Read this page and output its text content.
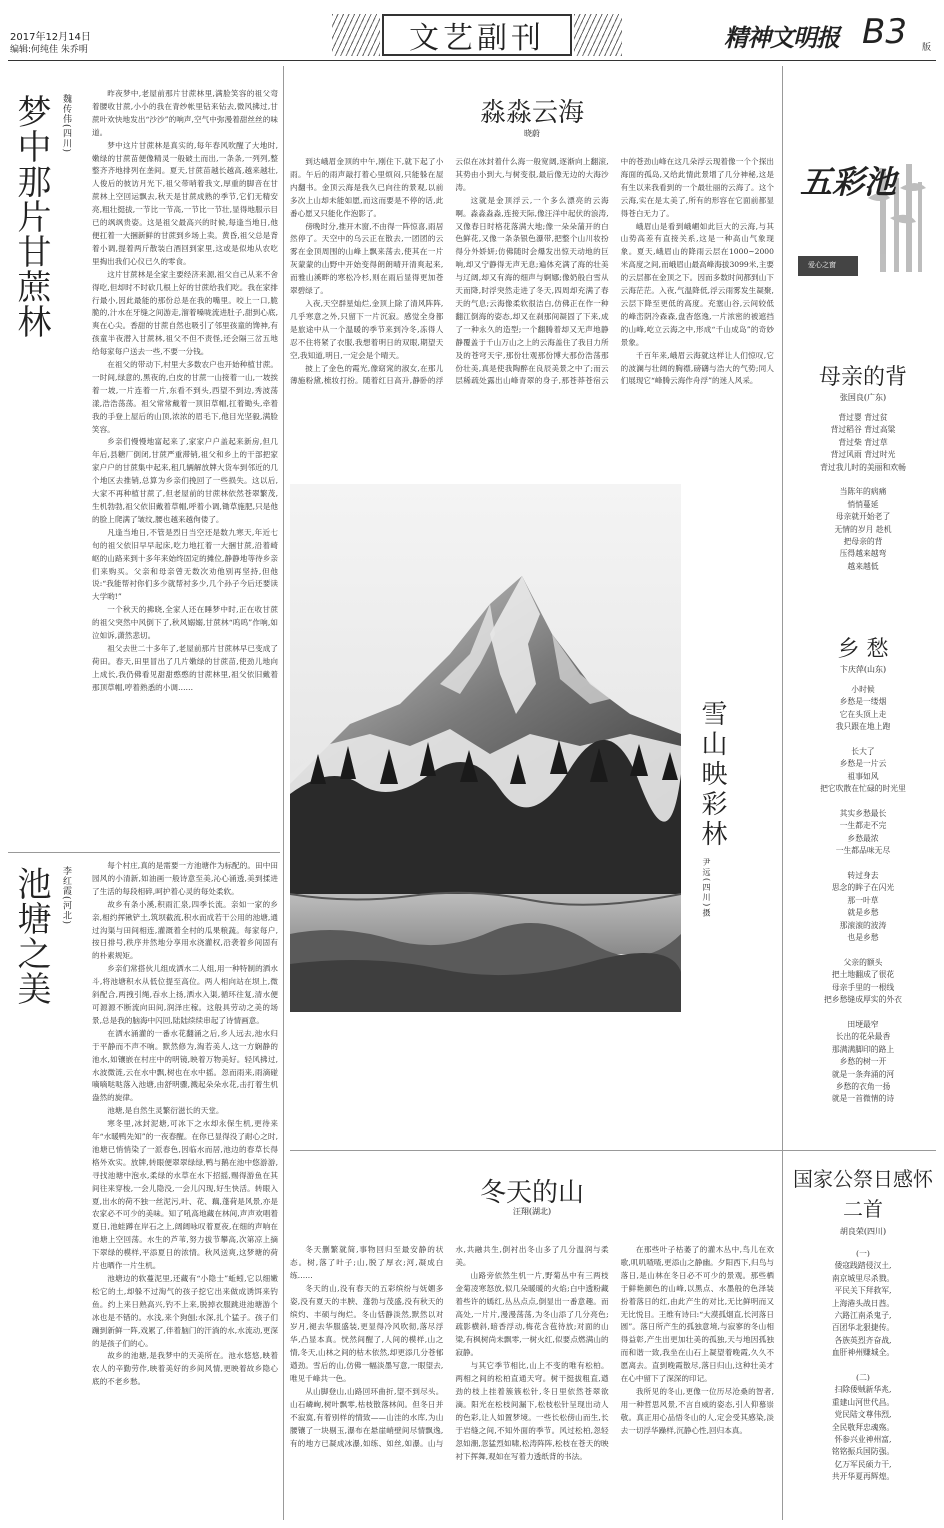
2017年12月14日
编辑:何纯佳 朱乔明	文艺副刊	精神文明报 B3 版
梦中那片甘蔗林 魏传伟(四川)

昨夜梦中,老屋前那片甘蔗林里,满脸笑容的祖父弯着腰收甘蔗,小小的我在青纱帐里钻来钻去,微风拂过,甘蔗叶欢快地发出“沙沙”的响声,空气中弥漫着甜丝丝的味道。

梦中这片甘蔗林是真实的,每年春风吹醒了大地时,嫩绿的甘蔗苗便像精灵一般破土而出,一条条,一列列,整整齐齐地排列在垄间。夏天,甘蔗苗越长越高,越来越壮,人俊后的彼访月光下,祖父带哨着我文,厚重的脚音在甘蔗林上空回运飘去,秋天是甘蔗成熟的季节,它们无精安亮,粗壮挺拔,一节比一节高,一节比一节壮,显得地服示目已的飒飒贵姿。这是祖父最高兴的时候,每逢当地日,他便扛着一大捆新鲜的甘蔗到乡场上卖。黄昏,祖父总是背着小调,提着两斤散装白酒回到家里,这或是似地从农吃里掏出我们心仪已久的零食。

这片甘蔗林是全家主要经济来源,祖父自己从来不舍得吃,但却时不时砍几根上好的甘蔗给我们吃。我在家排行最小,因此最能的那份总是在我的嘴里。咬上一口,脆脆的,汁水在牙缝之间游走,溜着嗓咙流进肚子,甜到心底,爽在心尖。香甜的甘蔗自然也吸引了邻里孩童的馋神,有孩童半夜潜入甘蔗林,祖父不但不责怪,还会隔三岔五地给每家每户送去一些,不要一分钱。

在祖父的带动下,村里大多数农户也开始种植甘蔗。一时间,绿意的,黑夜的,白皮的甘蔗一山接着一山,一坡挨着一坡,一片连着一片,东看不到头,西望不到边,秀波荡漾,浩浩荡荡。祖父常常戴着一顶旧草帽,扛着锄头,牵着我的手登上屋后的山顶,浓浓的眉毛下,他目光坚毅,满脸笑容。

乡亲们慢慢地富起来了,家家户户盖起来新房,但几年后,县糖厂倒闭,甘蔗严重滞销,祖父和乡上的干部把家家户户的甘蔗集中起来,租几辆解放牌大货车到邻近的几个地区去推销,总算为乡亲们挽回了一些损失。这以后,大家不再种植甘蔗了,但老屋前的甘蔗林依然苍翠繁茂,生机勃勃,祖父依旧戴着草帽,呼着小调,锄草施肥,只是他的脸上爬满了皱纹,腰也越来越佝偻了。

凡逢当地日,不管是烈日当空还是数九寒天,年近七旬的祖父依旧早早起床,吃力地扛着一大捆甘蔗,沿着崎岖的山路来到十多年来始终固定的摊位,静静地等待乡亲们来购买。父亲和母亲曾无数次劝他别再坚持,但他说:“我能帮衬你们多少就帮衬多少,几个孙子今后还要读大学哟!”

一个秋天的拂晓,全家人还在睡梦中时,正在收甘蔗的祖父突然中风倒下了,秋风嫋嫋,甘蔗林“呜呜”作响,如泣如诉,潇然悲切。

祖父去世二十多年了,老屋前那片甘蔗林早已变成了荷田。春天,田里冒出了几片嫩绿的甘蔗苗,使劲儿地向上成长,我仍佛看见甜甜憨憨的甘蔗林里,祖父依旧戴着那顶草帽,哼着熟悉的小调……

池塘之美 李红霞(河北)

每个村庄,真的是需要一方池塘作为标配的。田中田园风的小清新,如油画一般诗意至美,沁心涌透,美到揉进了生活的每段相碎,呵护着心灵的每处柔软。

故乡有条小溪,积雨汇泉,四季长流。亲如一家的乡亲,相约挥锹铲土,筑坝截流,积水而成若干公用的池塘,通过沟渠与田间相连,灌溉着全村的瓜果粮蔬。每家每户,按日排号,秩序井然地分享用水浇灌权,沿袭着乡间固有的朴素规矩。

乡亲们常搭伙儿组成洒水二人组,用一种特制的洒水斗,将池塘积水从低位提至高位。两人相向站在坝上,微斜配合,两拽引绳,吞水上扬,洒水入渠,循环往复,清水便可源源不断流向田间,润泽庄稼。这般具劳动之美的场景,总是我的脑海中闪回,陆陆续续串起了诗情画意。

在洒水涌灌的一番水花翻涌之后,乡人远去,池水归于平静而不声不响。默然修为,淘若美人,这一方娴静的池水,如镶嵌在村庄中的明镜,映着万物美好。轻风拂过,水波微涟,云在水中飘,树也在水中摇。忽而雨来,雨滴碰嘀嘀哒哒落入池塘,由舒明骤,溅起朵朵水花,击打着生机盎然的旋律。

池塘,是自然生灵繁衍滋长的天堂。

寒冬里,冰封泥塘,可冰下之水却永保生机,更待来年“水暖鸭先知”的一夜春醒。在你已显得没了耐心之时,池塘已悄悄染了一派春色,因临水而居,池边的春草长得格外欢实。放牌,转眼便翠翠绿绿,鸭与鹅在池中悠游游,寻找池塘中泡水,柔绿的水草在水下招摇,赐得游鱼在其间往来穿梭,一会儿隐没,一会儿闪现,好生快活。转眼入夏,出水的荷不独一丝泥污,叶、花、藕,蓬荷是风景,亦是农家必不可少的美味。知了吼高地藏在林间,声声欢唱着夏日,池蛙蹲在岸石之上,阔阔咏叹着夏夜,在细的声响在池塘上空回荡。水生的芦苇,努力拔节攀高,次第凉上摘下翠绿的模样,平添夏日的浓情。秋风送爽,这梦塘的荷片也晒作一片生机。

池塘边的软蔓泥里,还藏有“小隐士”蚯蚓,它以细嫩松它的土,却躲不过淘气的孩子挖它出来做成诱饵来钓鱼。约上来日熟高兴,钓不上来,脱掉衣服跳进池塘游个冰也是不错的。水浅,来个狗刨;水深,扎个猛子。孩子们蹦到新鲜一阵,戏累了,伴着脑门的汗淌的水,水流动,更深的是孩子们的心。

故乡的池塘,是我梦中的天美所在。池水悠悠,映着农人的辛勤劳作,映着美好的乡间风情,更映着故乡隐心底的不老乡愁。

淼淼云海
晓蔚

到达峨眉金顶的中午,刚住下,就下起了小雨。午后的雨声敲打着心里烦闷,只能躲在屋内翻书。金顶云海是我久已向往的景观,以前多次上山却未能如愿,而这而要是不停的话,此番心愿又只能化作泡影了。

傍晚时分,推开木窗,不由得一阵惊喜,雨居然停了。天空中的乌云正在散去,一团团的云雾在金顶周围的山峰上飘来荡去,使其在一片灰蒙蒙的山野中开始变得朗朗晴开清爽起来,而雅山溪畔的寒松冷杉,则在雨后显得更加苍翠碧绿了。

入夜,天空群星灿烂,金顶上除了清风阵阵,几乎寒意之外,只留下一片沉寂。感觉全身都是旅途中从一个温暖的季节来到冷冬,冻得人忍不住将紧了衣服,我想着明日的双眼,期望天空,我知道,明日,一定会是个晴天。

披上了金色的霞光,像窈窕的淑女,在那儿薄施粉黛,梳妆打扮。随着红日高升,静卧的浮云似在冰封着什么海一般宽阔,逐渐向上翻滚,其势由小到大,与树变很,最后像无边的大海沙涛。

这就是金顶浮云,一个多么漂亮的云海啊。淼淼淼淼,连接天际,像汪洋中起伏的浪涛,又像春日时格花落满大地;像一朵朵蒲开的白色鲜花,又像一条条银色瀑带,把整个山川妆扮得分外娇妍;仿佛随时会爆发出惊天动地的巨响,却又宁静得无声无息;遍体充满了海的壮美与辽阔,却又有海的细声与婀娜;像奶般白雪从天而降,时浮突然走进了冬天,四周却充满了春天的气息;云海像柔软很洁白,仿佛正在作一种翻江倒海的姿态,却又在刹那间凝固了下来,成了一种永久的造型;一个翻腾着却又无声地静静覆盖于千山万山之上的云海盖住了我目力所及的苍穹天宇,那份壮观那份博大那份浩荡那份壮美,真是使我陶醉在良辰美景之中了;而云层稀疏处露出山峰青翠的身子,那苍莽苍宿云中的苍劲山峰在这几朵浮云现着像一个个探出海面的孤岛,又给此情此景增了几分神秘,这是有生以来我看到的一个最壮丽的云海了。这个云海,实在是太美了,所有的形容在它面前都显得苍白无力了。

峨眉山是看到峨嵋如此巨大的云海,与其山势高差有直接关系,这是一种高山气象现象。夏天,峨眉山的降雨云层在1000~2000米高度之间,而峨眉山最高峰海拔3099米,主要的云层都在金顶之下。因而多数时间都到山下云海茫茫。入夜,气温降低,浮云雨雾发生凝聚,云层下降至更低的高度。充塞山谷,云间较低的峰峦阴冷森森,盘杳悠逸,一片浓密的被遮挡的山峰,屹立云海之中,形成“千山成岛”的奇妙景象。

千百年来,峨眉云海就这样让人们惊叹,它的波澜与壮阔的胸襟,磅礴与浩大的气势;同人们展现它“峰腾云海作舟浮”的迷人风采。

雪山映彩林
尹远(四川)摄
五彩池
爱心之窗
母亲的背
张国良(广东)
背过婴 背过贫
背过稻谷 背过高粱
背过柴 背过草
背过风雨 背过时光
背过我儿时的美丽和欢畅
当陈年的病痛
悄悄蔓延
母亲就开始老了
无情的岁月 趁机
把母亲的背
压得越来越弯
越来越低
乡 愁
卞庆萍(山东)
小时候
乡愁是一缕烟
它在头顶上走
我只跟在地上跑
长大了
乡愁是一片云
祖事如风
把它吹散在忙碌的时光里
其实乡愁最长
一生都走不完
乡愁最浓
一生都品味无尽
转过身去
思念的眸子在闪光
那一叶草
就是乡愁
那滚滚的波涛
也是乡愁
父亲的额头
把土地翻成了很花
母亲手里的一根线
把乡愁缝成厚实的外衣
田埂最窄
长出的花朵最香
那满满脚印的路上
乡愁的树一开
就是一条奔涌的河
乡愁的衣角一扬
就是一首微情的诗
冬天的山
汪翔(湖北)

冬天删繁就简,事物回归至最安静的状态。树,落了叶子;山,脱了厚衣;河,凝成白练……

冬天的山,没有春天的五彩缤纷与妩媚多姿,没有夏天的丰腴、蓬勃与茂盛,没有秋天的缤灼、丰硕与绚烂。冬山恬静淡然,默然以对岁月,褪去华服盛装,更显得冷风吹彻,落尽浮华,凸显本真。恍然间醒了,人间的模样,山之情,冬天,山林之间的枯木依然,却更添几分苍郁遒劲。雪后的山,仿佛一幅淡墨写意,一眼望去,唯见千峰共一色。

从山脚登山,山路回环曲折,望不到尽头。山石嶙峋,树叶飘零,枯枝散落林间。但冬日并不寂寞,有着别样的情致——山洼的水库,为山腰镶了一块剔玉,瀑布在悬崖峭壁间尽情飘逸,有的地方已凝成冰瀑,如练、如丝,如瀑。山与水,共融共生,倒衬出冬山多了几分温润与柔美。

山路旁依然生机一片,野菊丛中有三两枝金菊凌寒怒放,似几朵暖暖的火焰;白中透粉藏着些许的嫣红,丛丛点点,倒显出一番意趣。而高处,一片片,漫漫荡荡,为冬山添了几分亮色;疏影横斜,暗香浮动,梅花含苞待放;对面的山梁,有枫树尚未飘零,一树火红,似要点燃满山的寂静。

与其它季节相比,山上不变的唯有松柏。两相之间的松柏直通天穹。树干挺拔粗直,遒劲的枝上挂着簇簇松针,冬日里依然苍翠欲滴。阳光在松枝间漏下,松枝松针呈现出动人的色彩,让人如置梦境。一些长松傍山而生,长于岩缝之间,不知外面的季节。风过松柏,忽轻忽如潮,忽猛烈如啸,松涛阵阵,松枝在苍天的映衬下挥舞,观如在写着力透纸背的书法。

在那些叶子枯萎了的灌木丛中,鸟儿在欢歌,叽叽喳喳,更添山之静幽。夕阳西下,归鸟与落日,是山林在冬日必不可少的景观。那些栖于鲜艳颜色的山峰,以黑点、水墨般的色泽装扮着落日的红,由此产生的对比,无比鲜明而又无比悦目。王维有诗曰:“大漠孤烟直,长河落日圆”。落日所产生的孤独意境,与寂寥的冬山相得益彰,产生出更加壮美的孤独,天与地因孤独而和谐一致,我坐在山石上凝望着晚霞,久久不愿离去。直到晚霞散尽,落日归山,这种壮美才在心中留下了深深的印记。

我所见的冬山,更像一位历尽沧桑的智者,用一种哲思风景,不言自威的姿态,引人仰慕崇敬。真正用心品悟冬山的人,定会受其感染,淡去一切浮华躁样,沉静心性,回归本真。

国家公祭日感怀二首
胡良荣(四川)
(一)
倭寇践踏侵汉土,
南京城里尽杀戮。
平民关下拜救军,
上海港头战日酋。
六路江南杀鬼子,
百团华北狠捷传。
各族英烈齐奋战,
血肝神州赚城全。
(二)
扫除倭贼新华兆,
重建山河世代昌。
党民陆文尊伟烈,
全民敬拜忠魂殇。
怀参兴业神州富,
铭铭振兵国防强。
亿万军民硕力干,
共开华夏再辉煌。
